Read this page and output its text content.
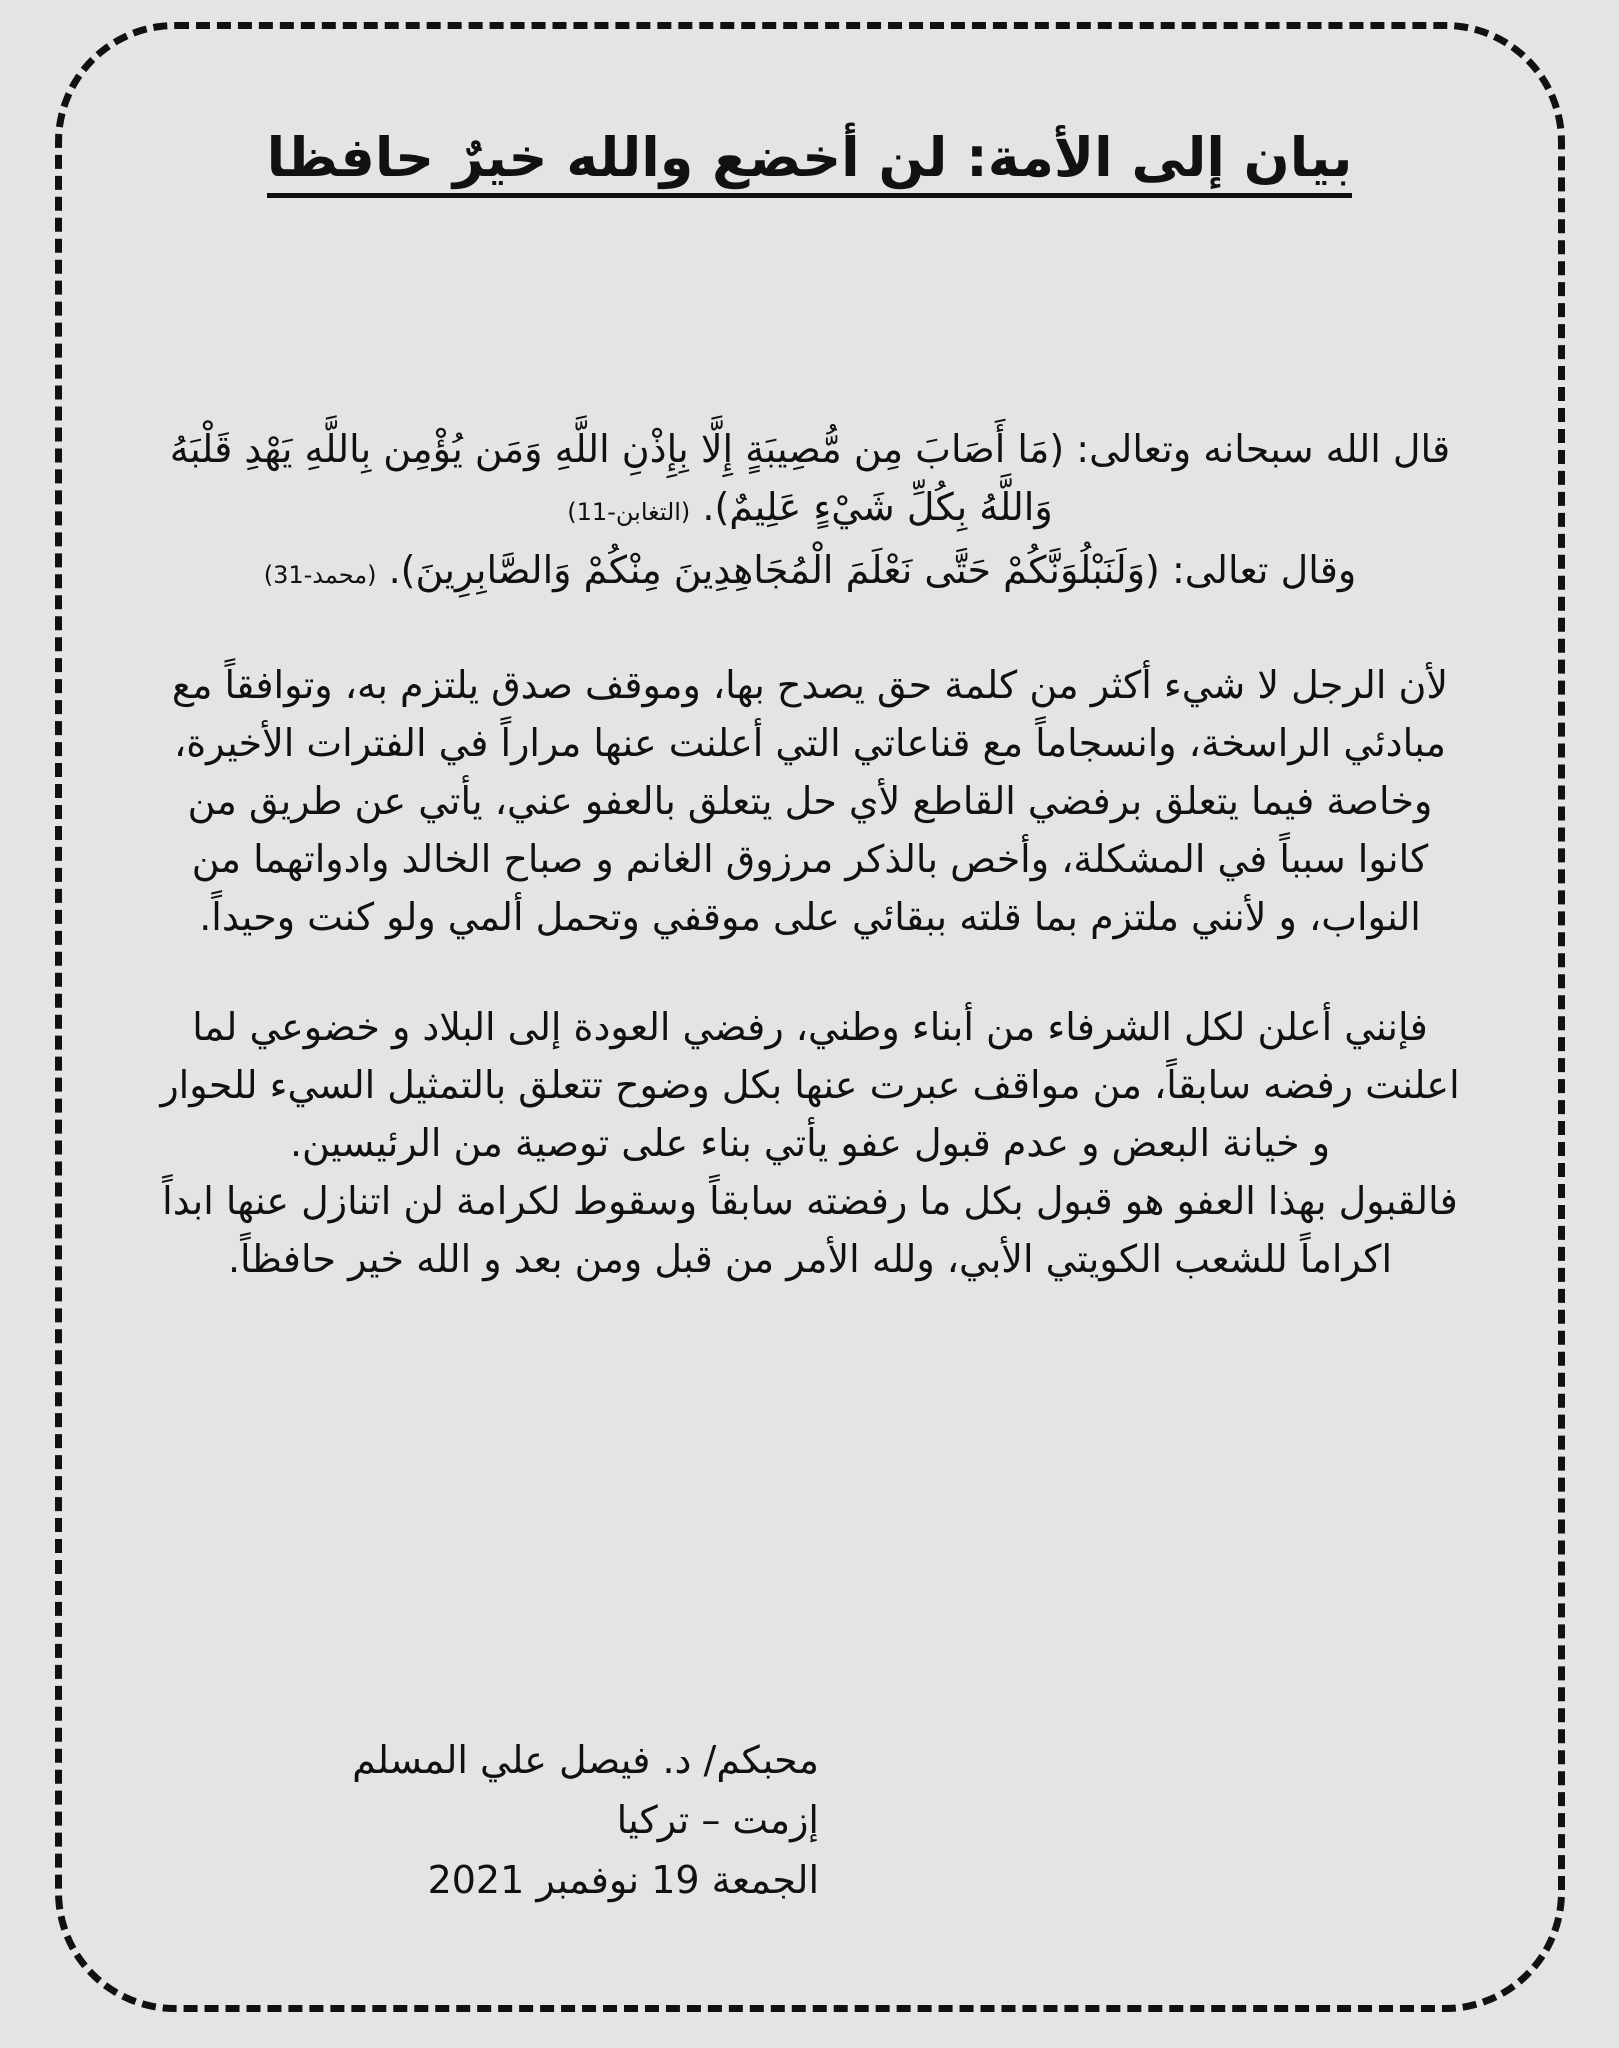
بيان إلى الأمة: لن أخضع والله خيرٌ حافظا
قال الله سبحانه وتعالى: (مَا أَصَابَ مِن مُّصِيبَةٍ إِلَّا بِإِذْنِ اللَّهِ وَمَن يُؤْمِن بِاللَّهِ يَهْدِ قَلْبَهُ وَاللَّهُ بِكُلِّ شَيْءٍ عَلِيمٌ). (التغابن-11)
وقال تعالى: (وَلَنَبْلُوَنَّكُمْ حَتَّى نَعْلَمَ الْمُجَاهِدِينَ مِنْكُمْ وَالصَّابِرِينَ). (محمد-31)

لأن الرجل لا شيء أكثر من كلمة حق يصدح بها، وموقف صدق يلتزم به، وتوافقاً مع مبادئي الراسخة، وانسجاماً مع قناعاتي التي أعلنت عنها مراراً في الفترات الأخيرة، وخاصة فيما يتعلق برفضي القاطع لأي حل يتعلق بالعفو عني، يأتي عن طريق من كانوا سبباً في المشكلة، وأخص بالذكر مرزوق الغانم و صباح الخالد وادواتهما من النواب، و لأنني ملتزم بما قلته ببقائي على موقفي وتحمل ألمي ولو كنت وحيداً.

فإنني أعلن لكل الشرفاء من أبناء وطني، رفضي العودة إلى البلاد و خضوعي لما اعلنت رفضه سابقاً، من مواقف عبرت عنها بكل وضوح تتعلق بالتمثيل السيء للحوار و خيانة البعض و عدم قبول عفو يأتي بناء على توصية من الرئيسين.

فالقبول بهذا العفو هو قبول بكل ما رفضته سابقاً وسقوط لكرامة لن اتنازل عنها ابداً اكراماً للشعب الكويتي الأبي، ولله الأمر من قبل ومن بعد و الله خير حافظاً.

محبكم/ د. فيصل علي المسلم
إزمت – تركيا
الجمعة 19 نوفمبر 2021
